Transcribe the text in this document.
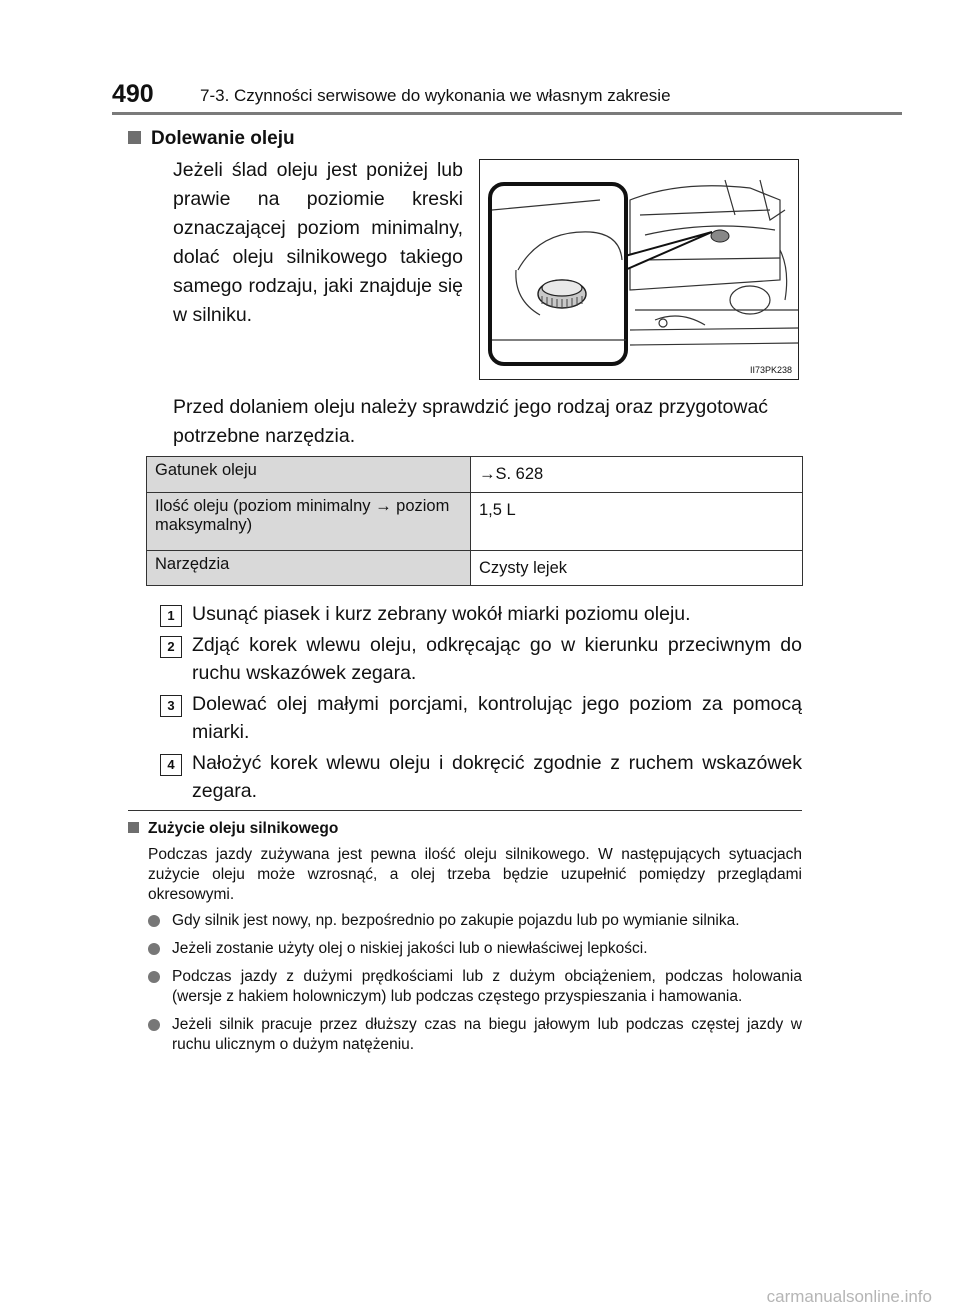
490	7-3. Czynności serwisowe do wykonania we własnym zakresie
Dolewanie oleju
Jeżeli ślad oleju jest poniżej lub prawie na poziomie kreski oznaczającej poziom minimalny, dolać oleju silnikowego takiego samego rodzaju, jaki znajduje się w silniku.
II73PK238
Przed dolaniem oleju należy sprawdzić jego rodzaj oraz przygotować potrzebne narzędzia.
Gatunek oleju	→S. 628
Ilość oleju (poziom minimalny → poziom maksymalny)	1,5 L
Narzędzia	Czysty lejek
1 Usunąć piasek i kurz zebrany wokół miarki poziomu oleju.
2 Zdjąć korek wlewu oleju, odkręcając go w kierunku przeciwnym do ruchu wskazówek zegara.
3 Dolewać olej małymi porcjami, kontrolując jego poziom za pomocą miarki.
4 Nałożyć korek wlewu oleju i dokręcić zgodnie z ruchem wskazówek zegara.
Zużycie oleju silnikowego
Podczas jazdy zużywana jest pewna ilość oleju silnikowego. W następujących sytuacjach zużycie oleju może wzrosnąć, a olej trzeba będzie uzupełnić pomiędzy przeglądami okresowymi.
Gdy silnik jest nowy, np. bezpośrednio po zakupie pojazdu lub po wymianie silnika.
Jeżeli zostanie użyty olej o niskiej jakości lub o niewłaściwej lepkości.
Podczas jazdy z dużymi prędkościami lub z dużym obciążeniem, podczas holowania (wersje z hakiem holowniczym) lub podczas częstego przyspieszania i hamowania.
Jeżeli silnik pracuje przez dłuższy czas na biegu jałowym lub podczas częstej jazdy w ruchu ulicznym o dużym natężeniu.
carmanualsonline.info
